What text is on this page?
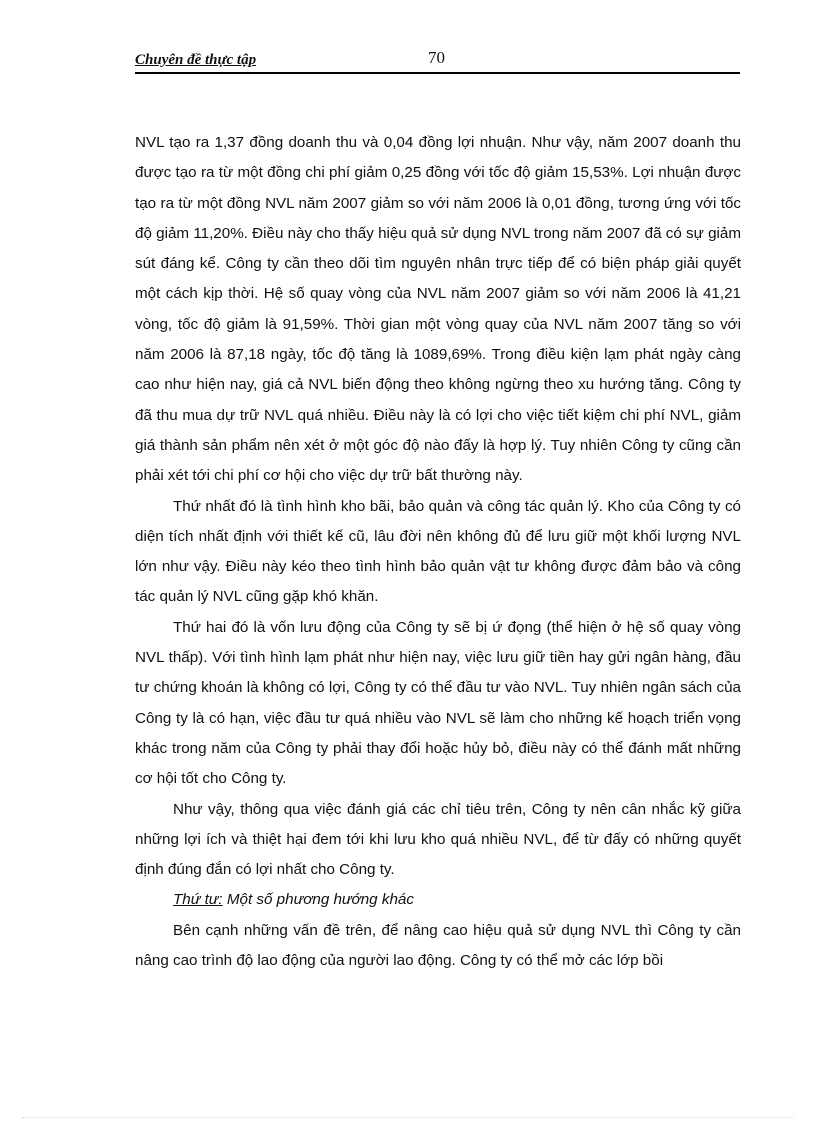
Chuyên đề thực tập	70

NVL tạo ra 1,37 đồng doanh thu và 0,04 đồng lợi nhuận. Như vậy, năm 2007 doanh thu được tạo ra từ một đồng chi phí giảm 0,25 đồng với tốc độ giảm 15,53%. Lợi nhuận được tạo ra từ một đồng NVL năm 2007 giảm so với năm 2006 là 0,01 đồng, tương ứng với tốc độ giảm 11,20%. Điều này cho thấy hiệu quả sử dụng NVL trong năm 2007 đã có sự giảm sút đáng kể. Công ty cần theo dõi tìm nguyên nhân trực tiếp để có biện pháp giải quyết một cách kịp thời. Hệ số quay vòng của NVL năm 2007 giảm so với năm 2006 là 41,21 vòng, tốc độ giảm là 91,59%. Thời gian một vòng quay của NVL năm 2007 tăng so với năm 2006 là 87,18 ngày, tốc độ tăng là 1089,69%. Trong điều kiện lạm phát ngày càng cao như hiện nay, giá cả NVL biến động theo không ngừng theo xu hướng tăng. Công ty đã thu mua dự trữ NVL quá nhiều. Điều này là có lợi cho việc tiết kiệm chi phí NVL, giảm giá thành sản phẩm nên xét ở một góc độ nào đấy là hợp lý. Tuy nhiên Công ty cũng cần phải xét tới chi phí cơ hội cho việc dự trữ bất thường này.

Thứ nhất đó là tình hình kho bãi, bảo quản và công tác quản lý. Kho của Công ty có diện tích nhất định với thiết kế cũ, lâu đời nên không đủ để lưu giữ một khối lượng NVL lớn như vậy. Điều này kéo theo tình hình bảo quản vật tư không được đảm bảo và công tác quản lý NVL cũng gặp khó khăn.

Thứ hai đó là vốn lưu động của Công ty sẽ bị ứ đọng (thể hiện ở hệ số quay vòng NVL thấp). Với tình hình lạm phát như hiện nay, việc lưu giữ tiền hay gửi ngân hàng, đầu tư chứng khoán là không có lợi, Công ty có thể đầu tư vào NVL. Tuy nhiên ngân sách của Công ty là có hạn, việc đầu tư quá nhiều vào NVL sẽ làm cho những kế hoạch triển vọng khác trong năm của Công ty phải thay đổi hoặc hủy bỏ, điều này có thể đánh mất những cơ hội tốt cho Công ty.

Như vậy, thông qua việc đánh giá các chỉ tiêu trên, Công ty nên cân nhắc kỹ giữa những lợi ích và thiệt hại đem tới khi lưu kho quá nhiều NVL, để từ đấy có những quyết định đúng đắn có lợi nhất cho Công ty.

Thứ tư: Một số phương hướng khác

Bên cạnh những vấn đề trên, để nâng cao hiệu quả sử dụng NVL thì Công ty cần nâng cao trình độ lao động của người lao động. Công ty có thể mở các lớp bồi
